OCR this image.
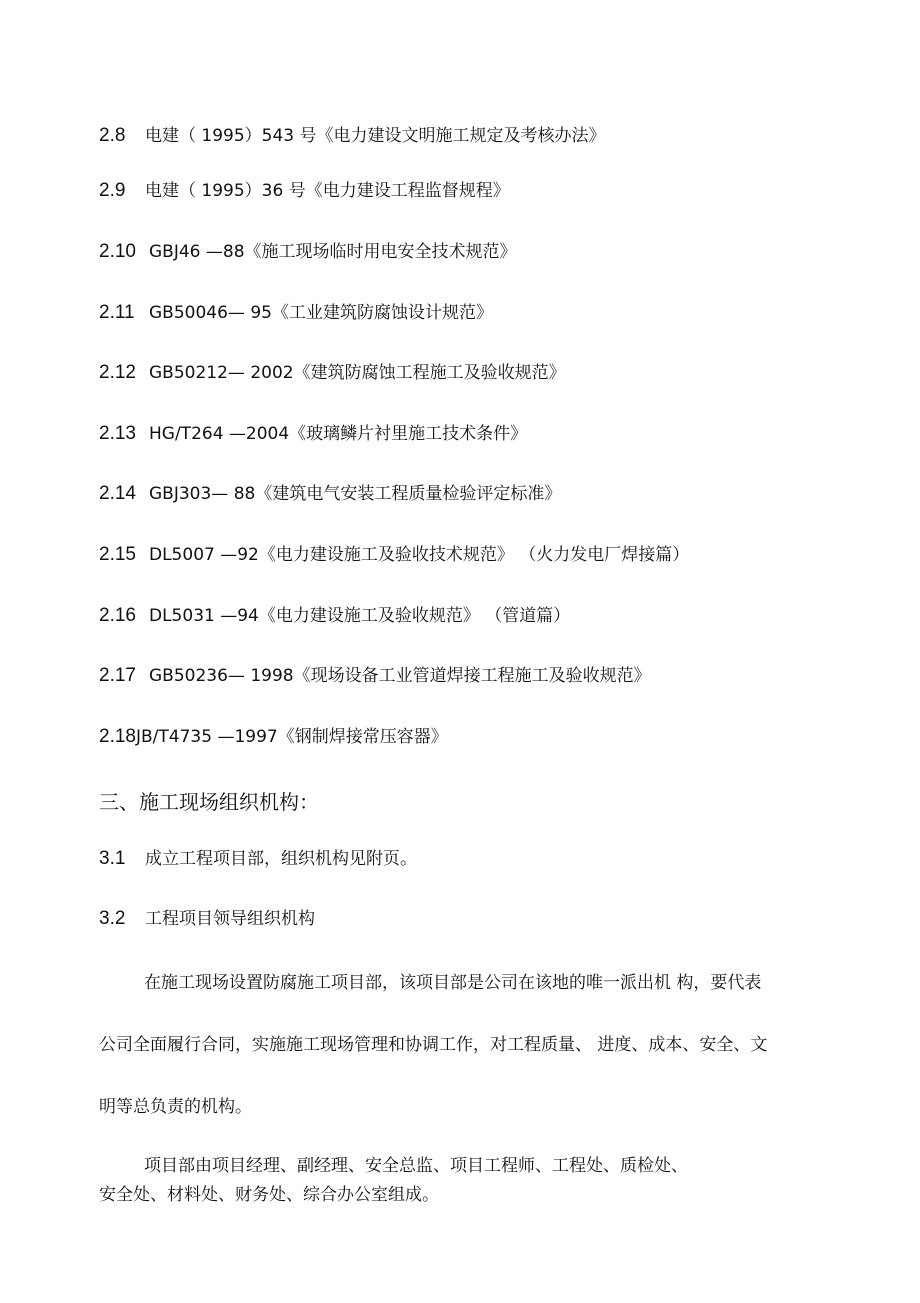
2.8 电建（ 1995）543 号《电力建设文明施工规定及考核办法》
2.9 电建（ 1995）36 号《电力建设工程监督规程》
2.10 GBJ46 —88《施工现场临时用电安全技术规范》
2.11 GB50046— 95《工业建筑防腐蚀设计规范》
2.12 GB50212— 2002《建筑防腐蚀工程施工及验收规范》
2.13 HG/T264 —2004《玻璃鳞片衬里施工技术条件》
2.14 GBJ303— 88《建筑电气安装工程质量检验评定标准》
2.15 DL5007 —92《电力建设施工及验收技术规范》 （火力发电厂焊接篇）
2.16 DL5031 —94《电力建设施工及验收规范》 （管道篇）
2.17 GB50236— 1998《现场设备工业管道焊接工程施工及验收规范》
2.18JB/T4735 —1997《钢制焊接常压容器》
三、施工现场组织机构：
3.1 成立工程项目部，组织机构见附页。
3.2 工程项目领导组织机构
在施工现场设置防腐施工项目部，该项目部是公司在该地的唯一派出机 构，要代表
公司全面履行合同，实施施工现场管理和协调工作，对工程质量、 进度、成本、安全、文
明等总负责的机构。
项目部由项目经理、副经理、安全总监、项目工程师、工程处、质检处、
安全处、材料处、财务处、综合办公室组成。
